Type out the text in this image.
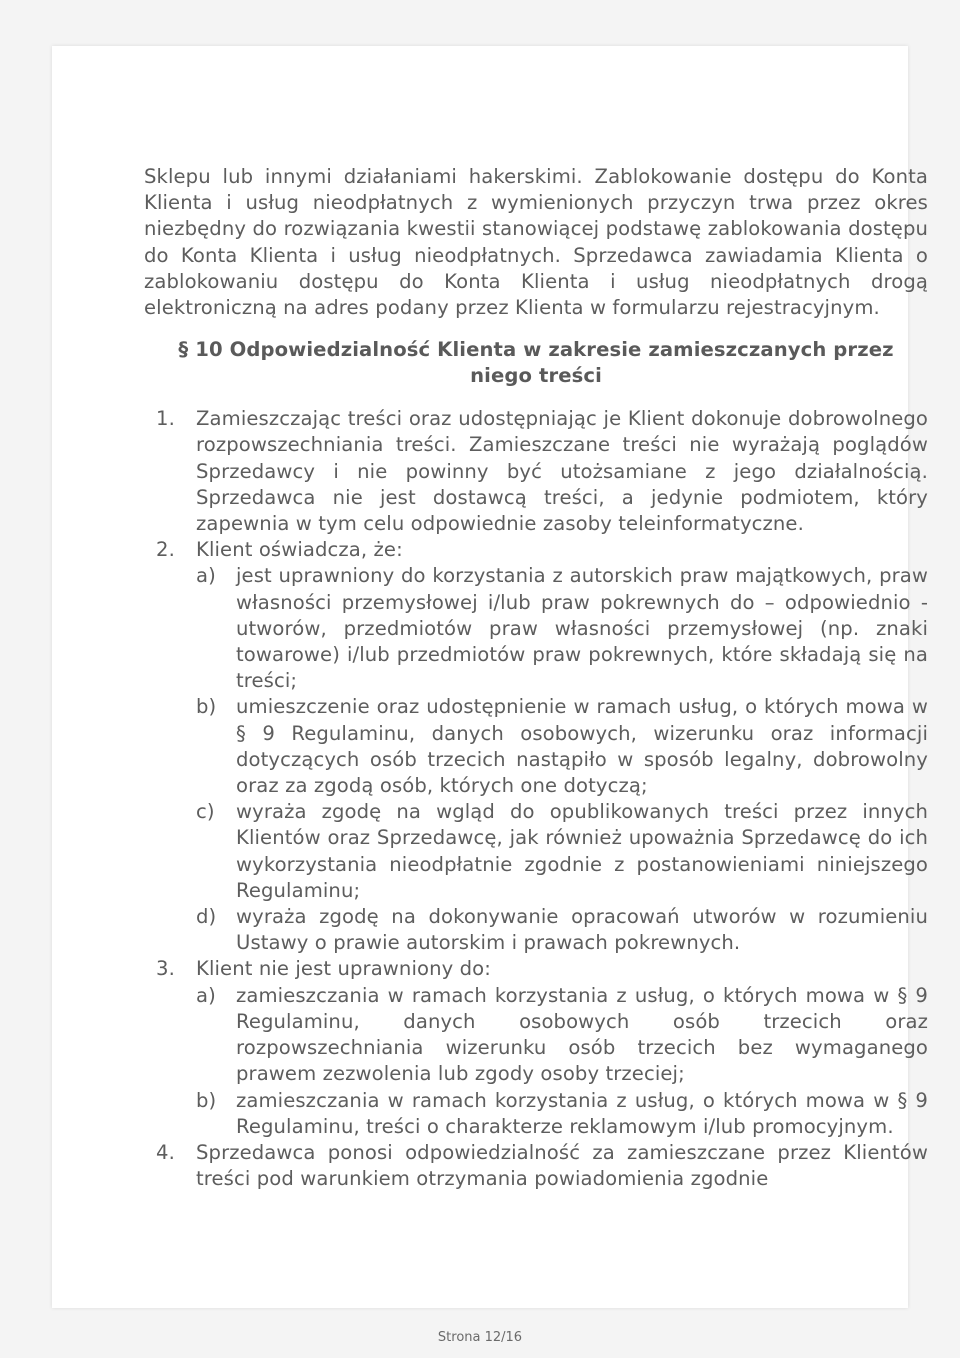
Sklepu lub innymi działaniami hakerskimi. Zablokowanie dostępu do Konta Klienta i usług nieodpłatnych z wymienionych przyczyn trwa przez okres niezbędny do rozwiązania kwestii stanowiącej podstawę zablokowania dostępu do Konta Klienta i usług nieodpłatnych. Sprzedawca zawiadamia Klienta o zablokowaniu dostępu do Konta Klienta i usług nieodpłatnych drogą elektroniczną na adres podany przez Klienta w formularzu rejestracyjnym.

§ 10 Odpowiedzialność Klienta w zakresie zamieszczanych przez niego treści
1. Zamieszczając treści oraz udostępniając je Klient dokonuje dobrowolnego rozpowszechniania treści. Zamieszczane treści nie wyrażają poglądów Sprzedawcy i nie powinny być utożsamiane z jego działalnością. Sprzedawca nie jest dostawcą treści, a jedynie podmiotem, który zapewnia w tym celu odpowiednie zasoby teleinformatyczne.
2. Klient oświadcza, że:
a) jest uprawniony do korzystania z autorskich praw majątkowych, praw własności przemysłowej i/lub praw pokrewnych do – odpowiednio - utworów, przedmiotów praw własności przemysłowej (np. znaki towarowe) i/lub przedmiotów praw pokrewnych, które składają się na treści;
b) umieszczenie oraz udostępnienie w ramach usług, o których mowa w § 9 Regulaminu, danych osobowych, wizerunku oraz informacji dotyczących osób trzecich nastąpiło w sposób legalny, dobrowolny oraz za zgodą osób, których one dotyczą;
c) wyraża zgodę na wgląd do opublikowanych treści przez innych Klientów oraz Sprzedawcę, jak również upoważnia Sprzedawcę do ich wykorzystania nieodpłatnie zgodnie z postanowieniami niniejszego Regulaminu;
d) wyraża zgodę na dokonywanie opracowań utworów w rozumieniu Ustawy o prawie autorskim i prawach pokrewnych.
3. Klient nie jest uprawniony do:
a) zamieszczania w ramach korzystania z usług, o których mowa w § 9 Regulaminu, danych osobowych osób trzecich oraz rozpowszechniania wizerunku osób trzecich bez wymaganego prawem zezwolenia lub zgody osoby trzeciej;
b) zamieszczania w ramach korzystania z usług, o których mowa w § 9 Regulaminu, treści o charakterze reklamowym i/lub promocyjnym.
4. Sprzedawca ponosi odpowiedzialność za zamieszczane przez Klientów treści pod warunkiem otrzymania powiadomienia zgodnie
Strona 12/16
